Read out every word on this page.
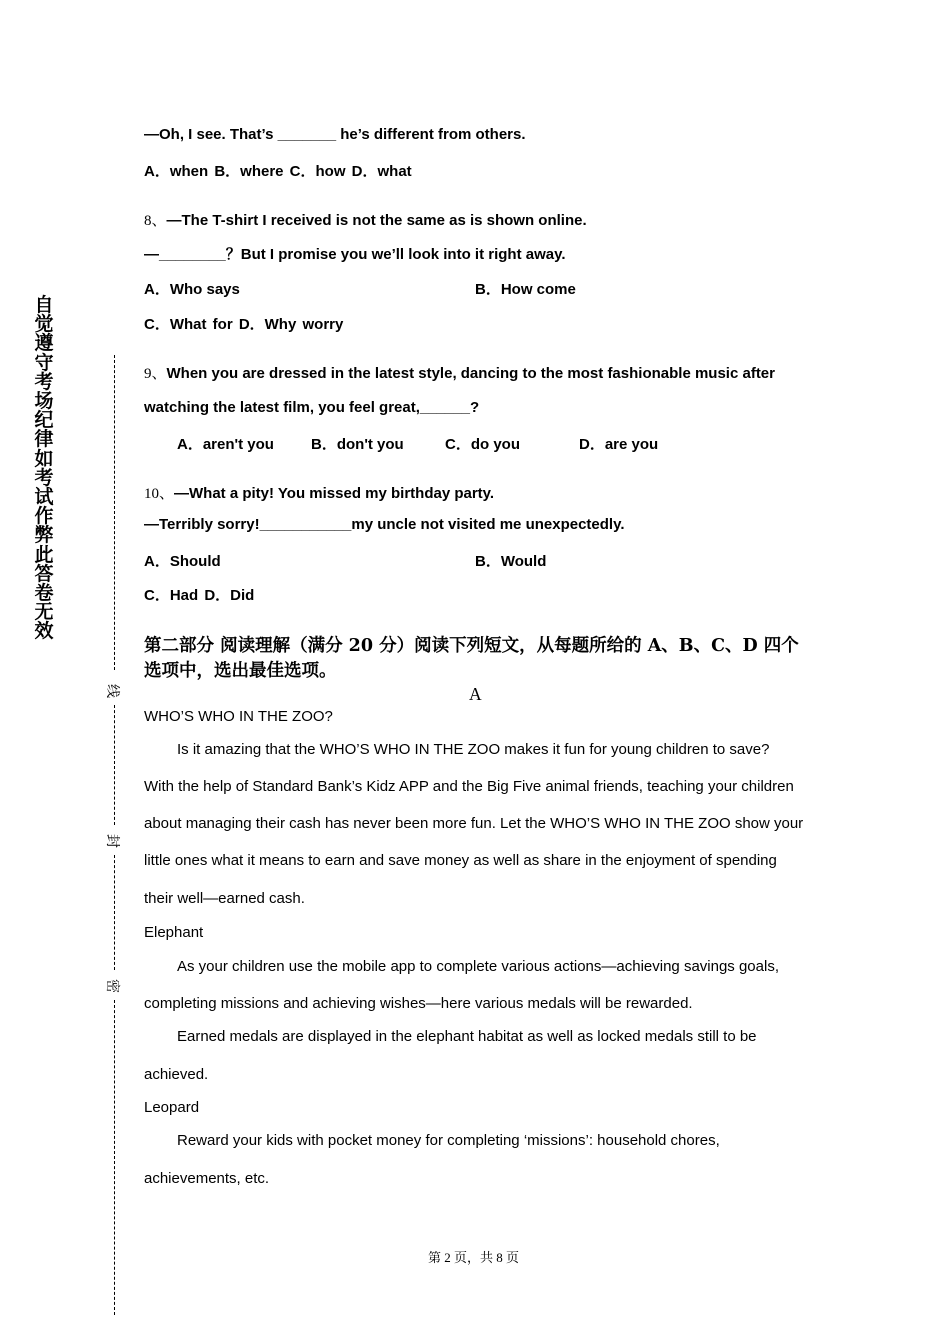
自觉遵守考场纪律如考试作弊此答卷无效
线
封
密
—Oh, I see. That’s _______ he’s different from others.
A．when B．where C．how D．what
8、—The T-shirt I received is not the same as is shown online.
—________？But I promise you we’ll look into it right away.
A．Who says	B．How come
C．What for D．Why worry
9、When you are dressed in the latest style, dancing to the most fashionable music after
watching the latest film, you feel great,______?
A．aren't you B．don't you	C．do you	D．are you
10、—What a pity! You missed my birthday party.
—Terribly sorry!___________my uncle not visited me unexpectedly.
A．Should	B．Would
C．Had D．Did
第二部分 阅读理解（满分 20 分）阅读下列短文，从每题所给的 A、B、C、D 四个
选项中，选出最佳选项。
A
WHO’S WHO IN THE ZOO?
Is it amazing that the WHO’S WHO IN THE ZOO makes it fun for young children to save?
With the help of Standard Bank’s Kidz APP and the Big Five animal friends, teaching your children
about managing their cash has never been more fun. Let the WHO’S WHO IN THE ZOO show your
little ones what it means to earn and save money as well as share in the enjoyment of spending
their well—earned cash.
Elephant
As your children use the mobile app to complete various actions—achieving savings goals,
completing missions and achieving wishes—here various medals will be rewarded.
Earned medals are displayed in the elephant habitat as well as locked medals still to be
achieved.
Leopard
Reward your kids with pocket money for completing ‘missions’: household chores,
achievements, etc.
第 2 页，共 8 页
